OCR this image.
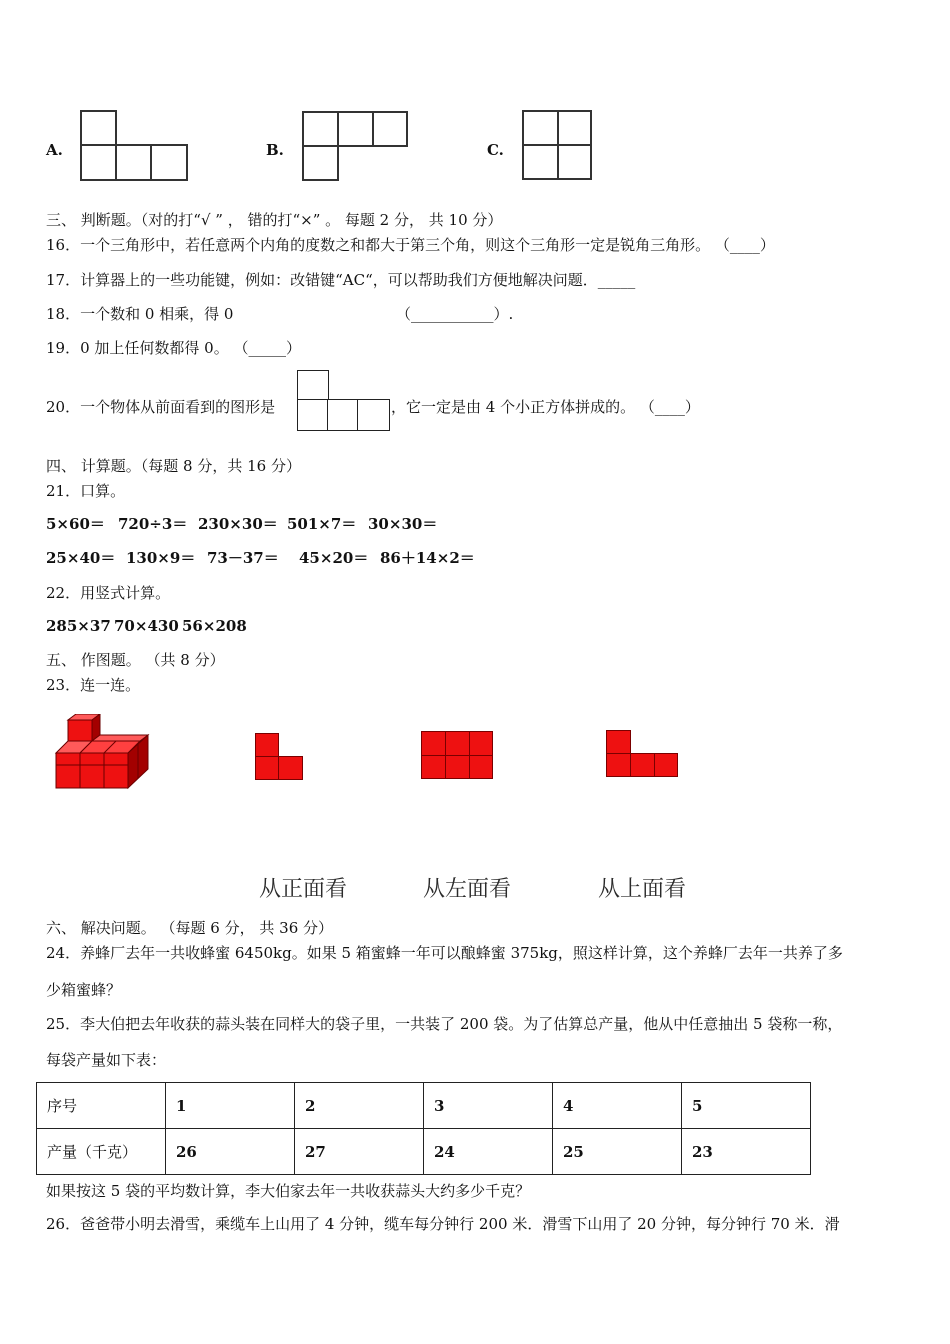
A.	B.	C.
三、 判断题。（对的打“√ ” ， 错的打“×” 。 每题 2 分， 共 10 分）
16．一个三角形中，若任意两个内角的度数之和都大于第三个角，则这个三角形一定是锐角三角形。 （____）
17．计算器上的一些功能键，例如：改错键“AC“，可以帮助我们方便地解决问题．_____
18．一个数和 0 相乘，得 0	（___________）.
19．0 加上任何数都得 0。 （_____）
20．一个物体从前面看到的图形是	，它一定是由 4 个小正方体拼成的。 （____）
四、 计算题。（每题 8 分，共 16 分）
21．口算。
5×60＝ 720÷3＝ 230×30＝ 501×7＝ 30×30＝
25×40＝ 130×9＝ 73－37＝ 45×20＝ 86＋14×2＝
22．用竖式计算。
285×37 70×430 56×208
五、 作图题。 （共 8 分）
23．连一连。
从正面看	从左面看	从上面看
六、 解决问题。 （每题 6 分， 共 36 分）
24．养蜂厂去年一共收蜂蜜 6450kg。如果 5 箱蜜蜂一年可以酿蜂蜜 375kg，照这样计算，这个养蜂厂去年一共养了多
少箱蜜蜂？
25．李大伯把去年收获的蒜头装在同样大的袋子里，一共装了 200 袋。为了估算总产量，他从中任意抽出 5 袋称一称，
每袋产量如下表：
序号	1	2	3	4	5
产量（千克）	26	27	24	25	23
如果按这 5 袋的平均数计算，李大伯家去年一共收获蒜头大约多少千克？
26．爸爸带小明去滑雪，乘缆车上山用了 4 分钟，缆车每分钟行 200 米．滑雪下山用了 20 分钟，每分钟行 70 米．滑
